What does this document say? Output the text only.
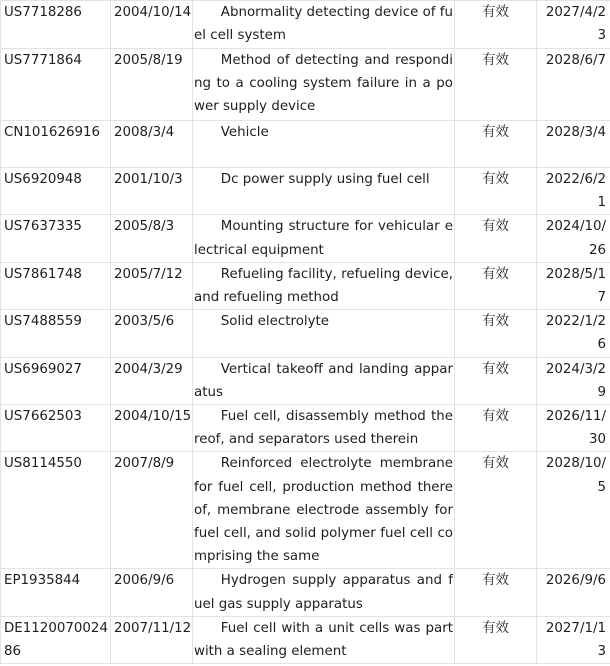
US7718286	2004/10/14	Abnormality detecting device of fuel cell system	有效	2027/4/23
US7771864	2005/8/19	Method of detecting and responding to a cooling system failure in a power supply device	有效	2028/6/7
CN101626916	2008/3/4	Vehicle	有效	2028/3/4
US6920948	2001/10/3	Dc power supply using fuel cell	有效	2022/6/21
US7637335	2005/8/3	Mounting structure for vehicular electrical equipment	有效	2024/10/26
US7861748	2005/7/12	Refueling facility, refueling device, and refueling method	有效	2028/5/17
US7488559	2003/5/6	Solid electrolyte	有效	2022/1/26
US6969027	2004/3/29	Vertical takeoff and landing apparatus	有效	2024/3/29
US7662503	2004/10/15	Fuel cell, disassembly method thereof, and separators used therein	有效	2026/11/30
US8114550	2007/8/9	Reinforced electrolyte membrane for fuel cell, production method thereof, membrane electrode assembly for fuel cell, and solid polymer fuel cell comprising the same	有效	2028/10/5
EP1935844	2006/9/6	Hydrogen supply apparatus and fuel gas supply apparatus	有效	2026/9/6
DE112007002486	2007/11/12	Fuel cell with a unit cells was part with a sealing element	有效	2027/1/13
